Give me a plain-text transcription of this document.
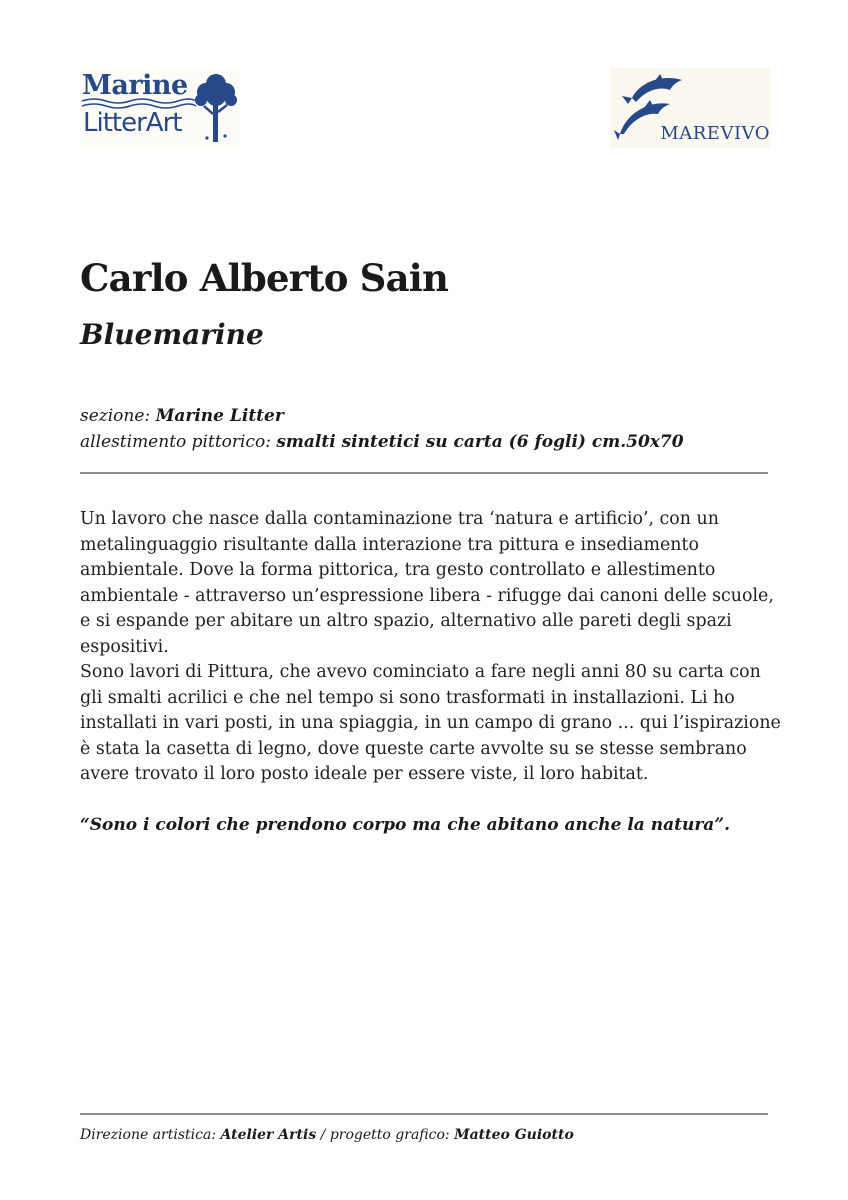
Marine
LitterArt	MAREVIVO
Carlo Alberto Sain
Bluemarine
sezione: Marine Litter
allestimento pittorico: smalti sintetici su carta (6 fogli) cm.50x70
Un lavoro che nasce dalla contaminazione tra ‘natura e artificio’, con un
metalinguaggio risultante dalla interazione tra pittura e insediamento
ambientale. Dove la forma pittorica, tra gesto controllato e allestimento
ambientale - attraverso un’espressione libera - rifugge dai canoni delle scuole,
e si espande per abitare un altro spazio, alternativo alle pareti degli spazi
espositivi.
Sono lavori di Pittura, che avevo cominciato a fare negli anni 80 su carta con
gli smalti acrilici e che nel tempo si sono trasformati in installazioni. Li ho
installati in vari posti, in una spiaggia, in un campo di grano ... qui l’ispirazione
è stata la casetta di legno, dove queste carte avvolte su se stesse sembrano
avere trovato il loro posto ideale per essere viste, il loro habitat.
“Sono i colori che prendono corpo ma che abitano anche la natura”.
Direzione artistica: Atelier Artis / progetto grafico: Matteo Guiotto
